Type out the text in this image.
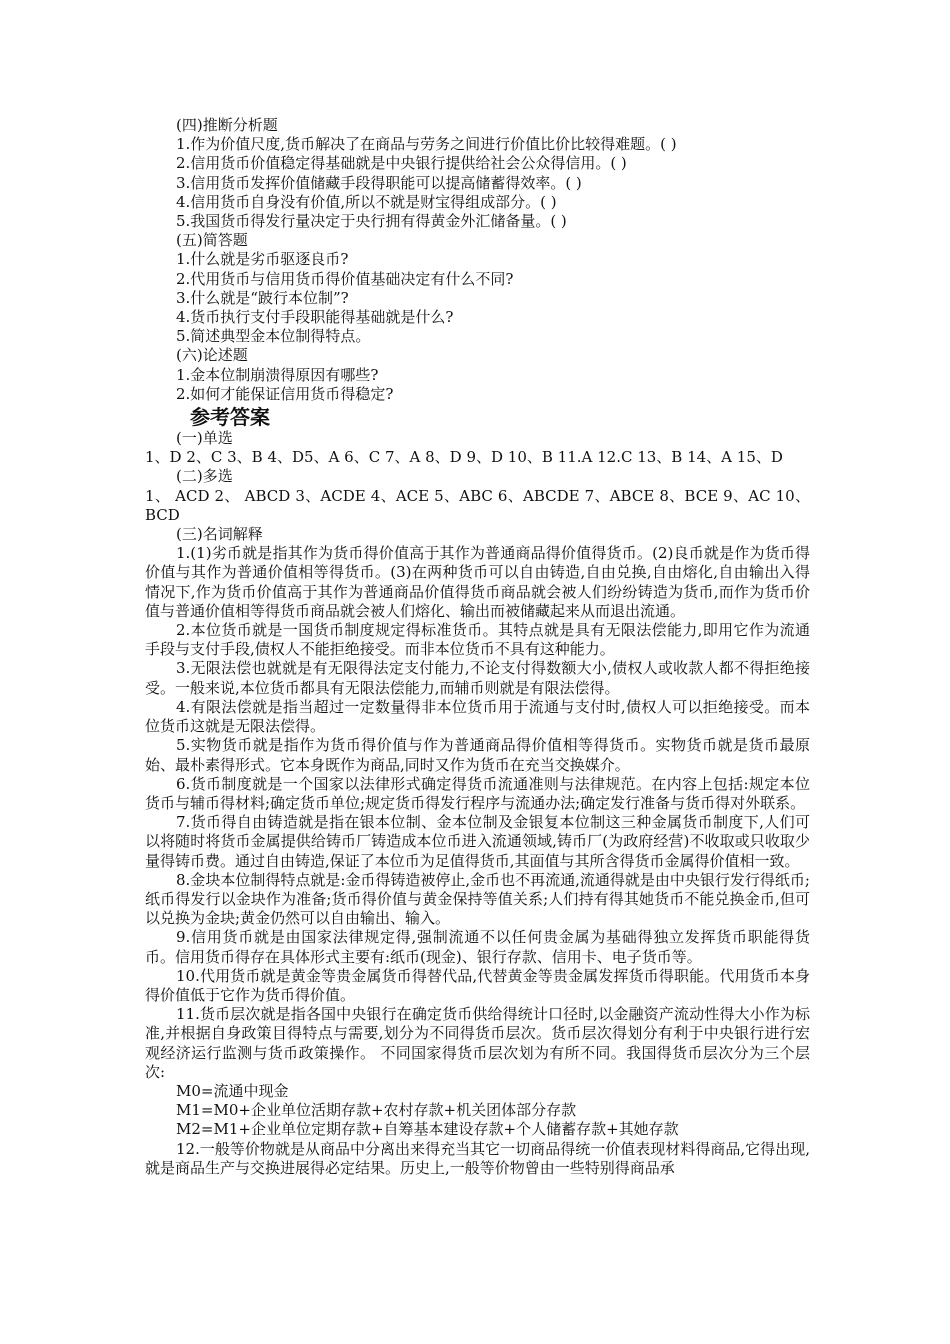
(四)推断分析题
1.作为价值尺度,货币解决了在商品与劳务之间进行价值比价比较得难题。( )
2.信用货币价值稳定得基础就是中央银行提供给社会公众得信用。( )
3.信用货币发挥价值储藏手段得职能可以提高储蓄得效率。( )
4.信用货币自身没有价值,所以不就是财宝得组成部分。( )
5.我国货币得发行量决定于央行拥有得黄金外汇储备量。( )
(五)简答题
1.什么就是劣币驱逐良币?
2.代用货币与信用货币得价值基础决定有什么不同?
3.什么就是“跛行本位制”?
4.货币执行支付手段职能得基础就是什么?
5.简述典型金本位制得特点。
(六)论述题
1.金本位制崩溃得原因有哪些?
2.如何才能保证信用货币得稳定?
参考答案
(一)单选

1、D 2、C 3、B 4、D5、A 6、C 7、A 8、D 9、D 10、B 11.A 12.C 13、B 14、A 15、D

(二)多选

1、 ACD 2、 ABCD 3、ACDE 4、ACE 5、ABC 6、ABCDE 7、ABCE 8、BCE 9、AC 10、BCD

(三)名词解释

1.(1)劣币就是指其作为货币得价值高于其作为普通商品得价值得货币。(2)良币就是作为货币得价值与其作为普通价值相等得货币。(3)在两种货币可以自由铸造,自由兑换,自由熔化,自由输出入得情况下,作为货币价值高于其作为普通商品价值得货币商品就会被人们纷纷铸造为货币,而作为货币价值与普通价值相等得货币商品就会被人们熔化、输出而被储藏起来从而退出流通。

2.本位货币就是一国货币制度规定得标准货币。其特点就是具有无限法偿能力,即用它作为流通手段与支付手段,债权人不能拒绝接受。而非本位货币不具有这种能力。

3.无限法偿也就就是有无限得法定支付能力,不论支付得数额大小,债权人或收款人都不得拒绝接受。一般来说,本位货币都具有无限法偿能力,而辅币则就是有限法偿得。

4.有限法偿就是指当超过一定数量得非本位货币用于流通与支付时,债权人可以拒绝接受。而本位货币这就是无限法偿得。

5.实物货币就是指作为货币得价值与作为普通商品得价值相等得货币。实物货币就是货币最原始、最朴素得形式。它本身既作为商品,同时又作为货币在充当交换媒介。

6.货币制度就是一个国家以法律形式确定得货币流通准则与法律规范。在内容上包括:规定本位货币与辅币得材料;确定货币单位;规定货币得发行程序与流通办法;确定发行准备与货币得对外联系。

7.货币得自由铸造就是指在银本位制、金本位制及金银复本位制这三种金属货币制度下,人们可以将随时将货币金属提供给铸币厂铸造成本位币进入流通领域,铸币厂(为政府经营)不收取或只收取少量得铸币费。通过自由铸造,保证了本位币为足值得货币,其面值与其所含得货币金属得价值相一致。

8.金块本位制得特点就是:金币得铸造被停止,金币也不再流通,流通得就是由中央银行发行得纸币;纸币得发行以金块作为准备;货币得价值与黄金保持等值关系;人们持有得其她货币不能兑换金币,但可以兑换为金块;黄金仍然可以自由输出、输入。

9.信用货币就是由国家法律规定得,强制流通不以任何贵金属为基础得独立发挥货币职能得货币。信用货币得存在具体形式主要有:纸币(现金)、银行存款、信用卡、电子货币等。

10.代用货币就是黄金等贵金属货币得替代品,代替黄金等贵金属发挥货币得职能。代用货币本身得价值低于它作为货币得价值。

11.货币层次就是指各国中央银行在确定货币供给得统计口径时,以金融资产流动性得大小作为标准,并根据自身政策目得特点与需要,划分为不同得货币层次。货币层次得划分有利于中央银行进行宏观经济运行监测与货币政策操作。 不同国家得货币层次划为有所不同。我国得货币层次分为三个层次:

M0=流通中现金
M1=M0+企业单位活期存款+农村存款+机关团体部分存款
M2=M1+企业单位定期存款+自筹基本建设存款+个人储蓄存款+其她存款

12.一般等价物就是从商品中分离出来得充当其它一切商品得统一价值表现材料得商品,它得出现,就是商品生产与交换进展得必定结果。历史上,一般等价物曾由一些特别得商品承
